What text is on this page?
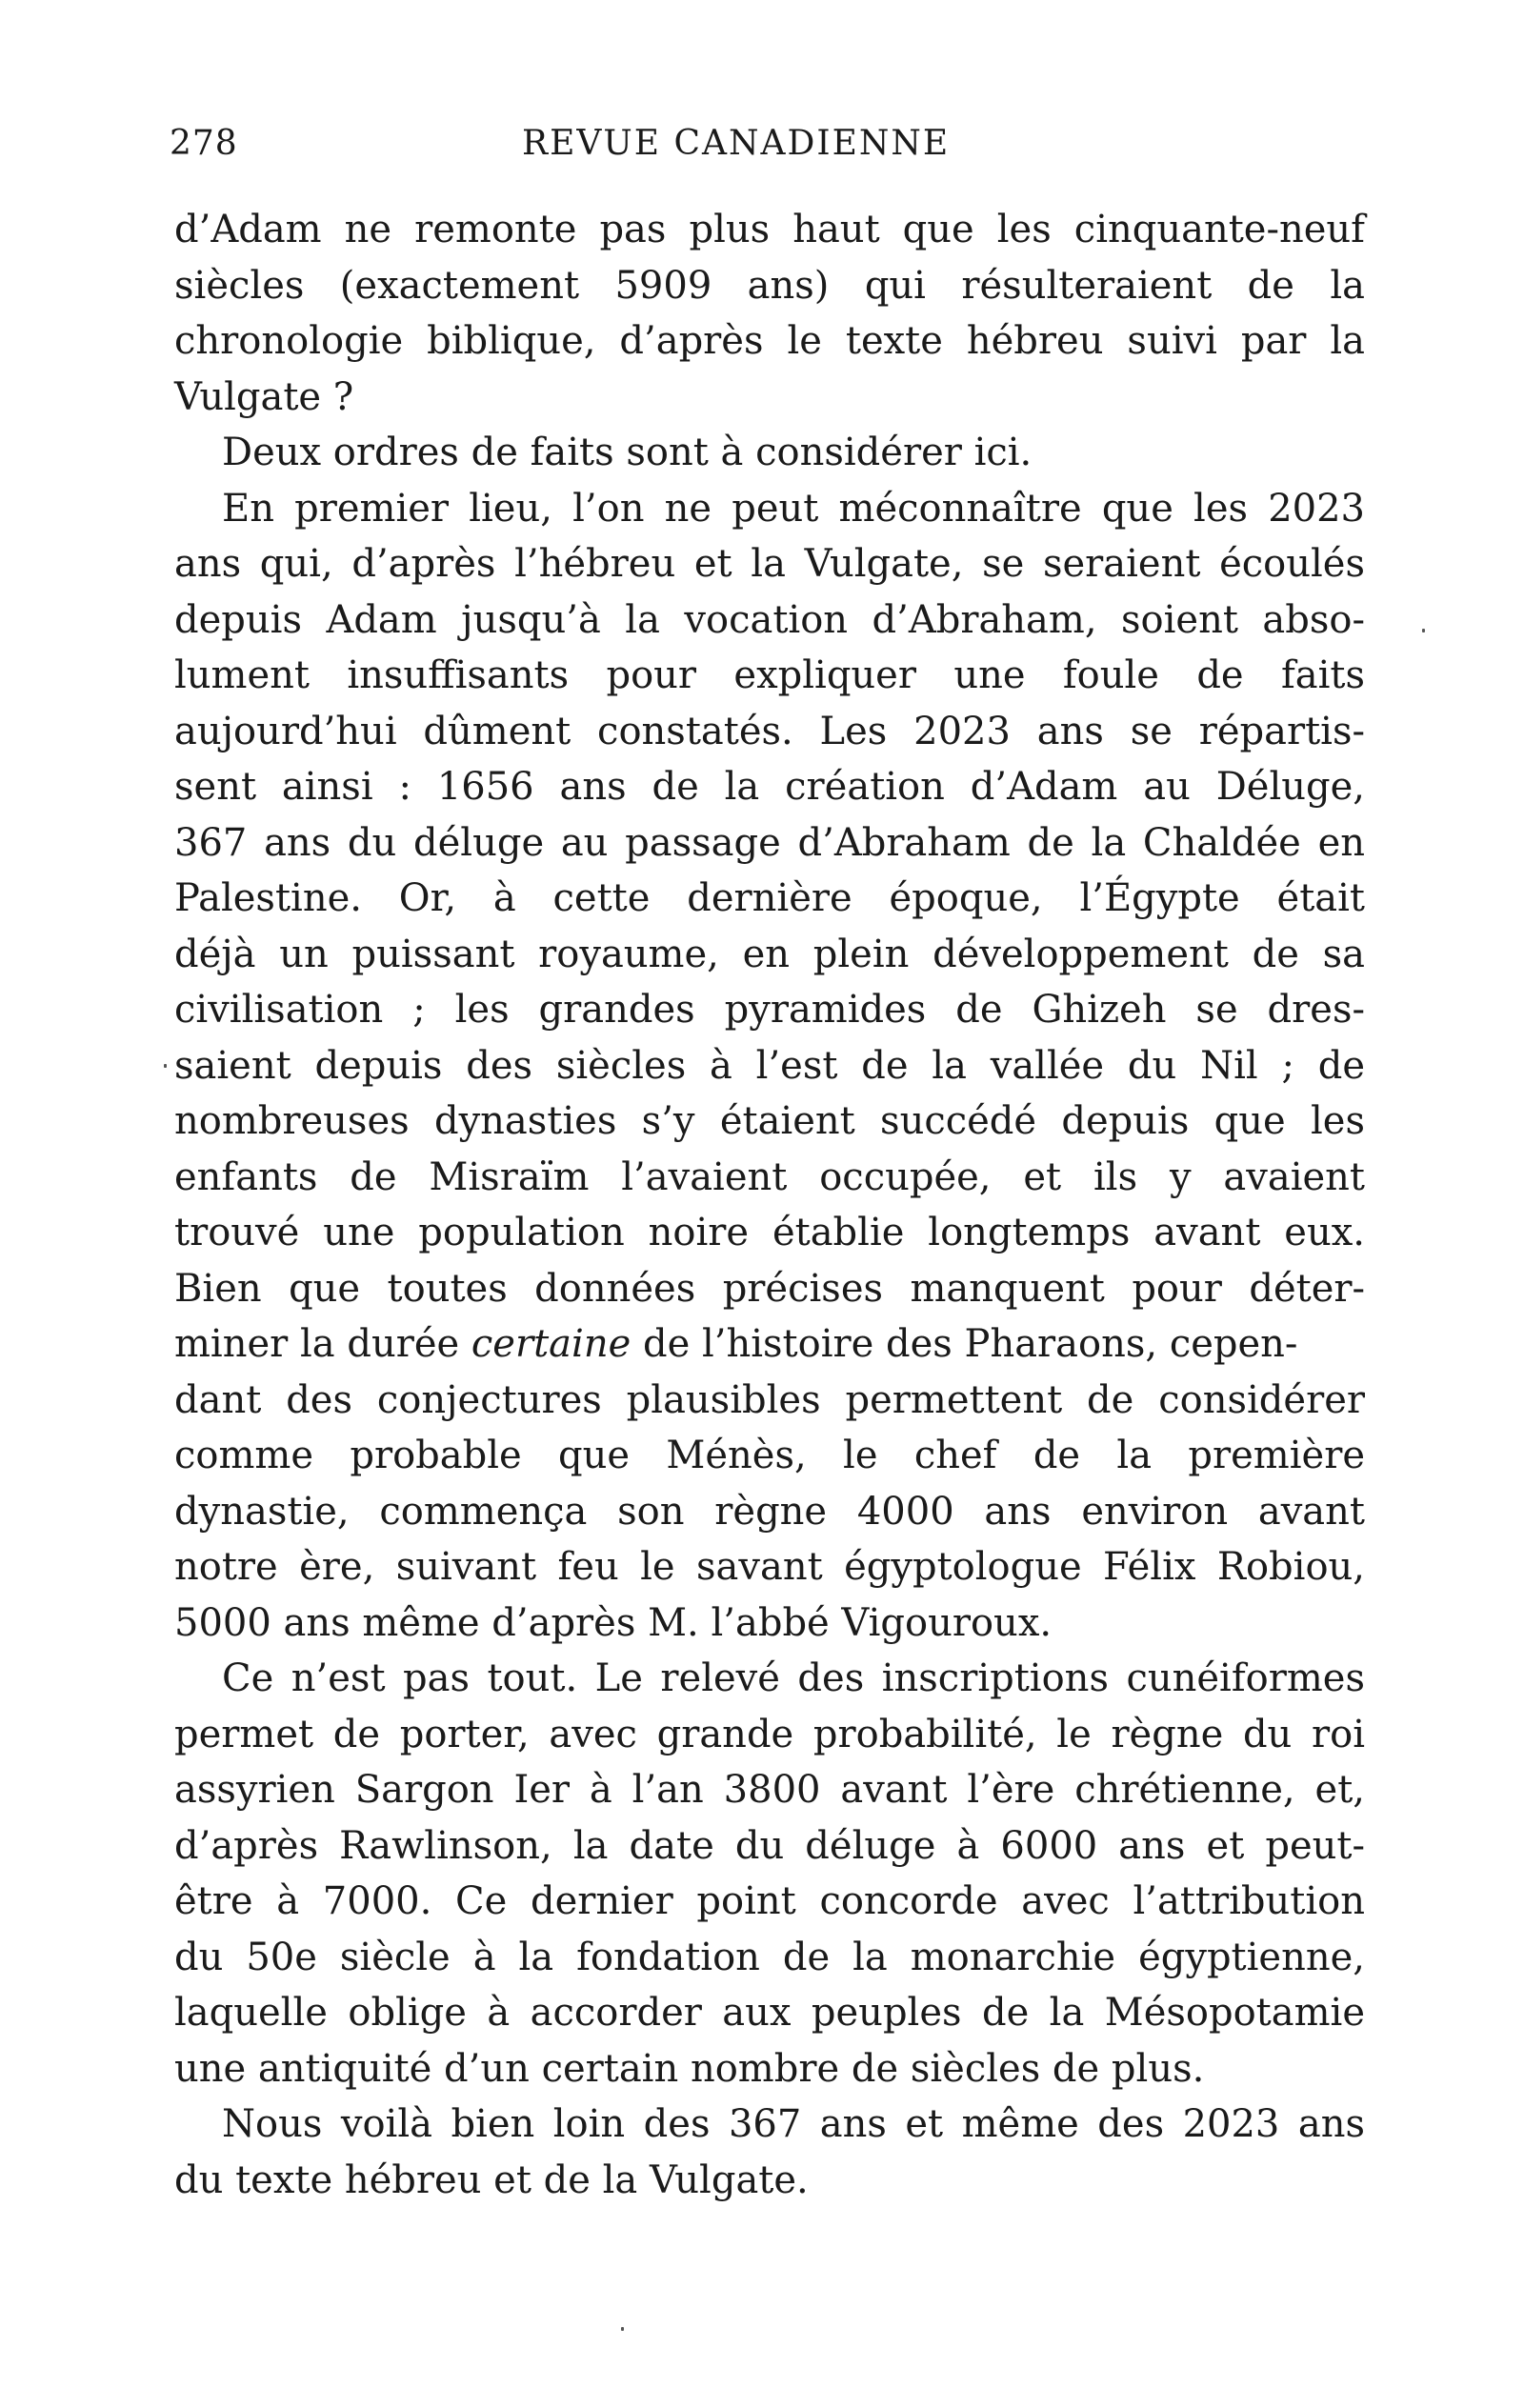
278	REVUE CANADIENNE
d’Adam ne remonte pas plus haut que les cinquante-neuf
siècles (exactement 5909 ans) qui résulteraient de la
chronologie biblique, d’après le texte hébreu suivi par la
Vulgate ?
Deux ordres de faits sont à considérer ici.
En premier lieu, l’on ne peut méconnaître que les 2023
ans qui, d’après l’hébreu et la Vulgate, se seraient écoulés
depuis Adam jusqu’à la vocation d’Abraham, soient abso-
lument insuffisants pour expliquer une foule de faits
aujourd’hui dûment constatés. Les 2023 ans se répartis-
sent ainsi : 1656 ans de la création d’Adam au Déluge,
367 ans du déluge au passage d’Abraham de la Chaldée en
Palestine. Or, à cette dernière époque, l’Égypte était
déjà un puissant royaume, en plein développement de sa
civilisation ; les grandes pyramides de Ghizeh se dres-
saient depuis des siècles à l’est de la vallée du Nil ; de
nombreuses dynasties s’y étaient succédé depuis que les
enfants de Misraïm l’avaient occupée, et ils y avaient
trouvé une population noire établie longtemps avant eux.
Bien que toutes données précises manquent pour déter-
miner la durée certaine de l’histoire des Pharaons, cepen-
dant des conjectures plausibles permettent de considérer
comme probable que Ménès, le chef de la première
dynastie, commença son règne 4000 ans environ avant
notre ère, suivant feu le savant égyptologue Félix Robiou,
5000 ans même d’après M. l’abbé Vigouroux.
Ce n’est pas tout. Le relevé des inscriptions cunéiformes
permet de porter, avec grande probabilité, le règne du roi
assyrien Sargon Ier à l’an 3800 avant l’ère chrétienne, et,
d’après Rawlinson, la date du déluge à 6000 ans et peut-
être à 7000. Ce dernier point concorde avec l’attribution
du 50e siècle à la fondation de la monarchie égyptienne,
laquelle oblige à accorder aux peuples de la Mésopotamie
une antiquité d’un certain nombre de siècles de plus.
Nous voilà bien loin des 367 ans et même des 2023 ans
du texte hébreu et de la Vulgate.
